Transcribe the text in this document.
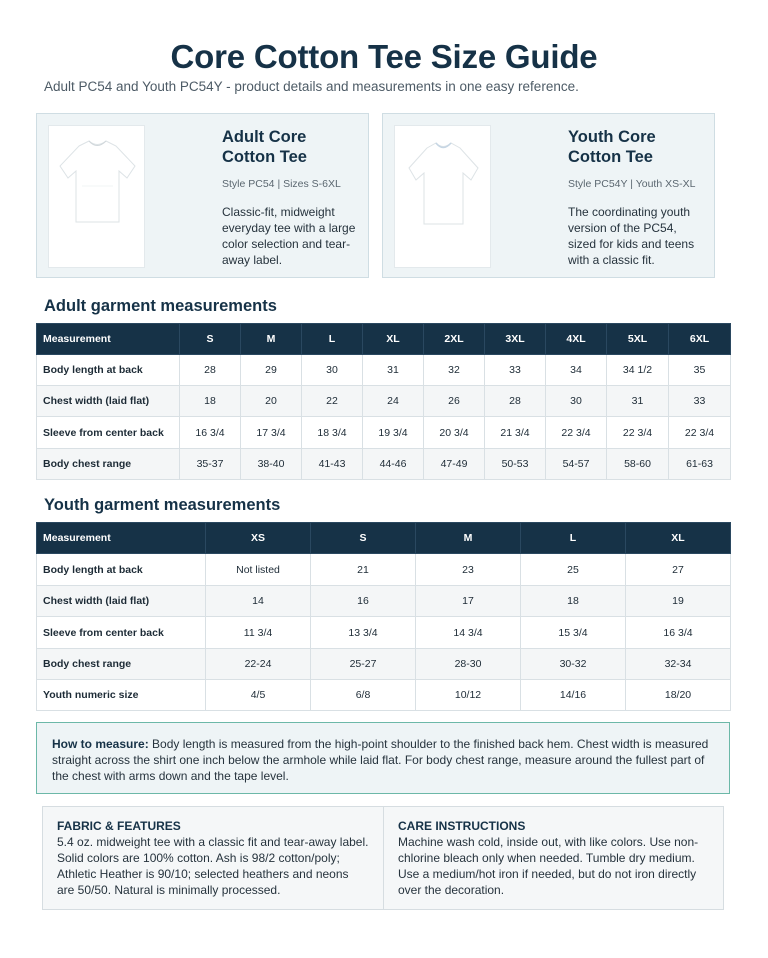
Core Cotton Tee Size Guide
Adult PC54 and Youth PC54Y - product details and measurements in one easy reference.
Adult Core Cotton Tee
Style PC54 | Sizes S-6XL
Classic-fit, midweight everyday tee with a large color selection and tear-away label.
Youth Core Cotton Tee
Style PC54Y | Youth XS-XL
The coordinating youth version of the PC54, sized for kids and teens with a classic fit.
Adult garment measurements
Measurement	S	M	L	XL	2XL	3XL	4XL	5XL	6XL
Body length at back	28	29	30	31	32	33	34	34 1/2	35
Chest width (laid flat)	18	20	22	24	26	28	30	31	33
Sleeve from center back	16 3/4	17 3/4	18 3/4	19 3/4	20 3/4	21 3/4	22 3/4	22 3/4	22 3/4
Body chest range	35-37	38-40	41-43	44-46	47-49	50-53	54-57	58-60	61-63
Youth garment measurements
Measurement	XS	S	M	L	XL
Body length at back	Not listed	21	23	25	27
Chest width (laid flat)	14	16	17	18	19
Sleeve from center back	11 3/4	13 3/4	14 3/4	15 3/4	16 3/4
Body chest range	22-24	25-27	28-30	30-32	32-34
Youth numeric size	4/5	6/8	10/12	14/16	18/20
How to measure: Body length is measured from the high-point shoulder to the finished back hem. Chest width is measured straight across the shirt one inch below the armhole while laid flat. For body chest range, measure around the fullest part of the chest with arms down and the tape level.
FABRIC & FEATURES

5.4 oz. midweight tee with a classic fit and tear-away label. Solid colors are 100% cotton. Ash is 98/2 cotton/poly; Athletic Heather is 90/10; selected heathers and neons are 50/50. Natural is minimally processed.

CARE INSTRUCTIONS

Machine wash cold, inside out, with like colors. Use non-chlorine bleach only when needed. Tumble dry medium. Use a medium/hot iron if needed, but do not iron directly over the decoration.
